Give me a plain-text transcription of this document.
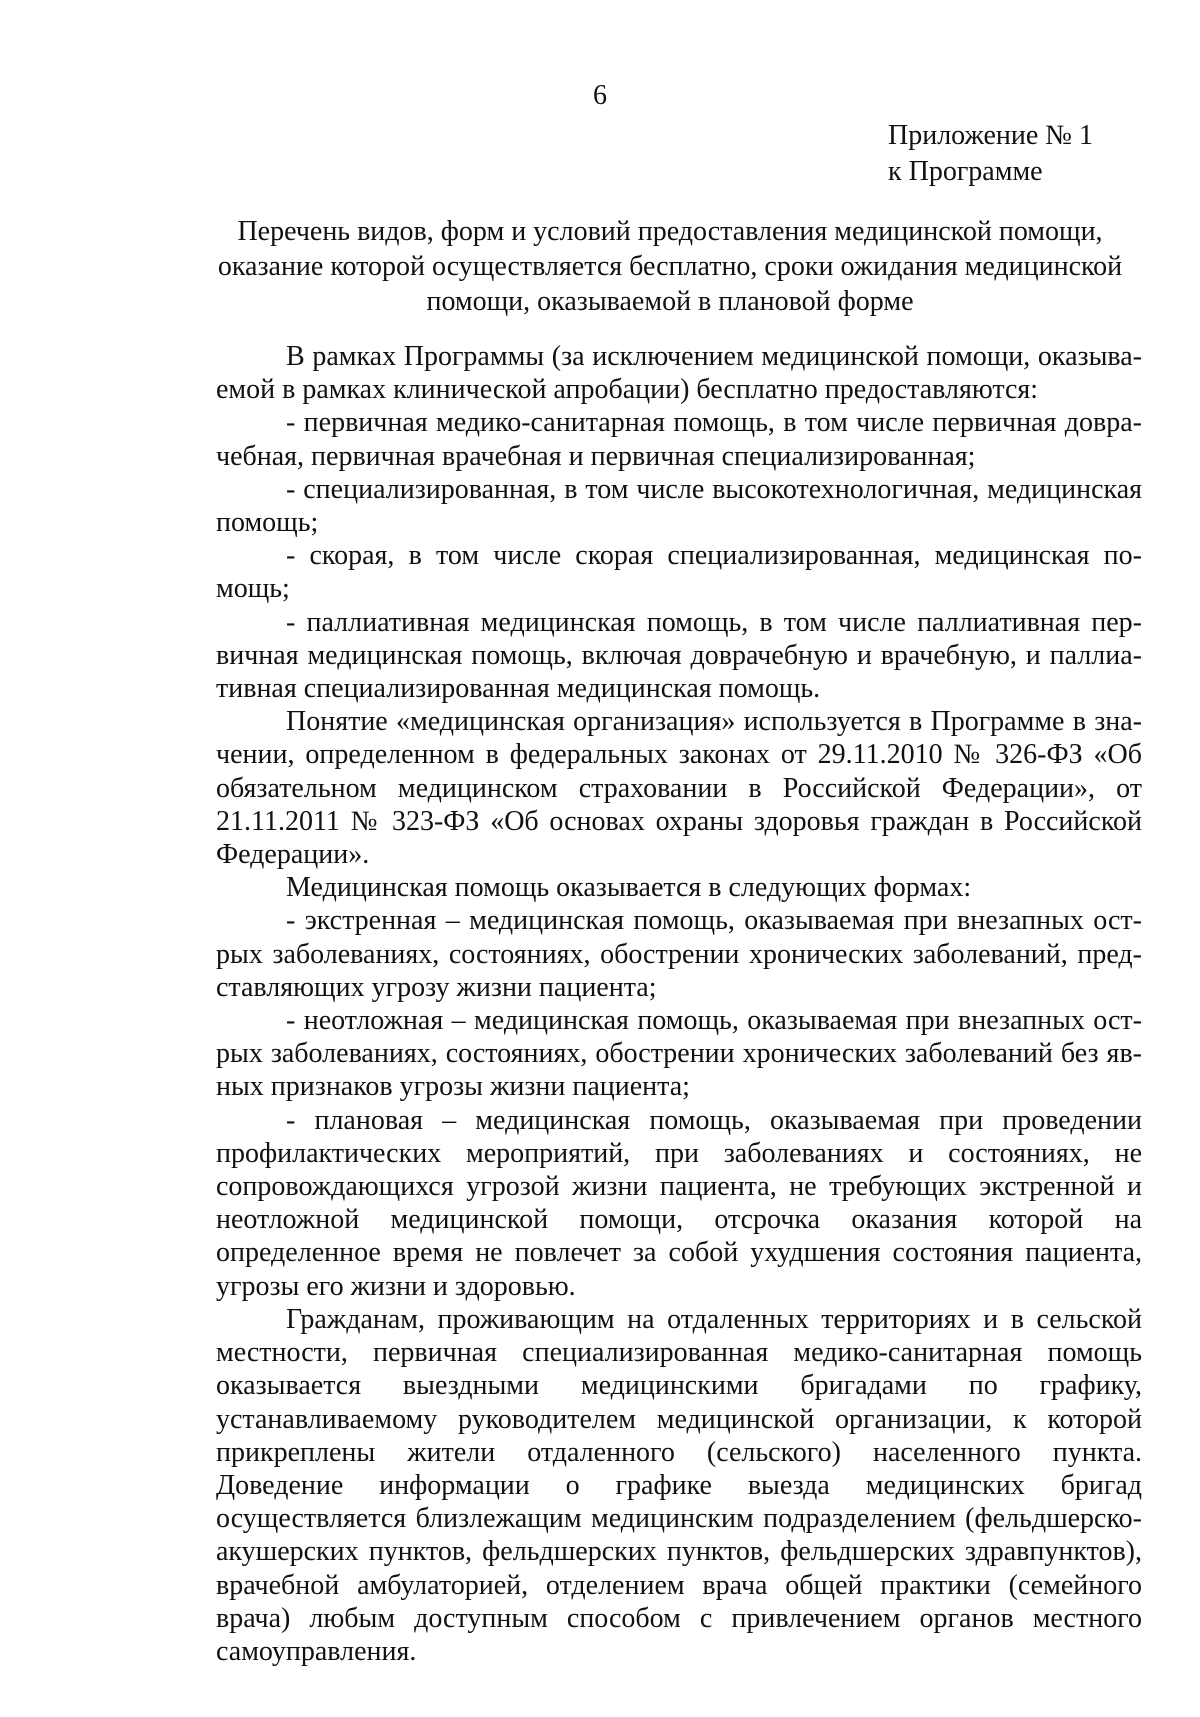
6
Приложение № 1
к Программе
Перечень видов, форм и условий предоставления медицинской помощи, оказание которой осуществляется бесплатно, сроки ожидания медицинской помощи, оказываемой в плановой форме

В рамках Программы (за исключением медицинской помощи, оказываемой в рамках клинической апробации) бесплатно предоставляются:

- первичная медико-санитарная помощь, в том числе первичная доврачебная, первичная врачебная и первичная специализированная;

- специализированная, в том числе высокотехнологичная, медицинская помощь;

- скорая, в том числе скорая специализированная, медицинская помощь;

- паллиативная медицинская помощь, в том числе паллиативная первичная медицинская помощь, включая доврачебную и врачебную, и паллиативная специализированная медицинская помощь.

Понятие «медицинская организация» используется в Программе в значении, определенном в федеральных законах от 29.11.2010 № 326-ФЗ «Об обязательном медицинском страховании в Российской Федерации», от 21.11.2011 № 323-ФЗ «Об основах охраны здоровья граждан в Российской Федерации».

Медицинская помощь оказывается в следующих формах:

- экстренная – медицинская помощь, оказываемая при внезапных острых заболеваниях, состояниях, обострении хронических заболеваний, представляющих угрозу жизни пациента;

- неотложная – медицинская помощь, оказываемая при внезапных острых заболеваниях, состояниях, обострении хронических заболеваний без явных признаков угрозы жизни пациента;

- плановая – медицинская помощь, оказываемая при проведении профилактических мероприятий, при заболеваниях и состояниях, не сопровождающихся угрозой жизни пациента, не требующих экстренной и неотложной медицинской помощи, отсрочка оказания которой на определенное время не повлечет за собой ухудшения состояния пациента, угрозы его жизни и здоровью.

Гражданам, проживающим на отдаленных территориях и в сельской местности, первичная специализированная медико-санитарная помощь оказывается выездными медицинскими бригадами по графику, устанавливаемому руководителем медицинской организации, к которой прикреплены жители отдаленного (сельского) населенного пункта. Доведение информации о графике выезда медицинских бригад осуществляется близлежащим медицинским подразделением (фельдшерско-акушерских пунктов, фельдшерских пунктов, фельдшерских здравпунктов), врачебной амбулаторией, отделением врача общей практики (семейного врача) любым доступным способом с привлечением органов местного самоуправления.
